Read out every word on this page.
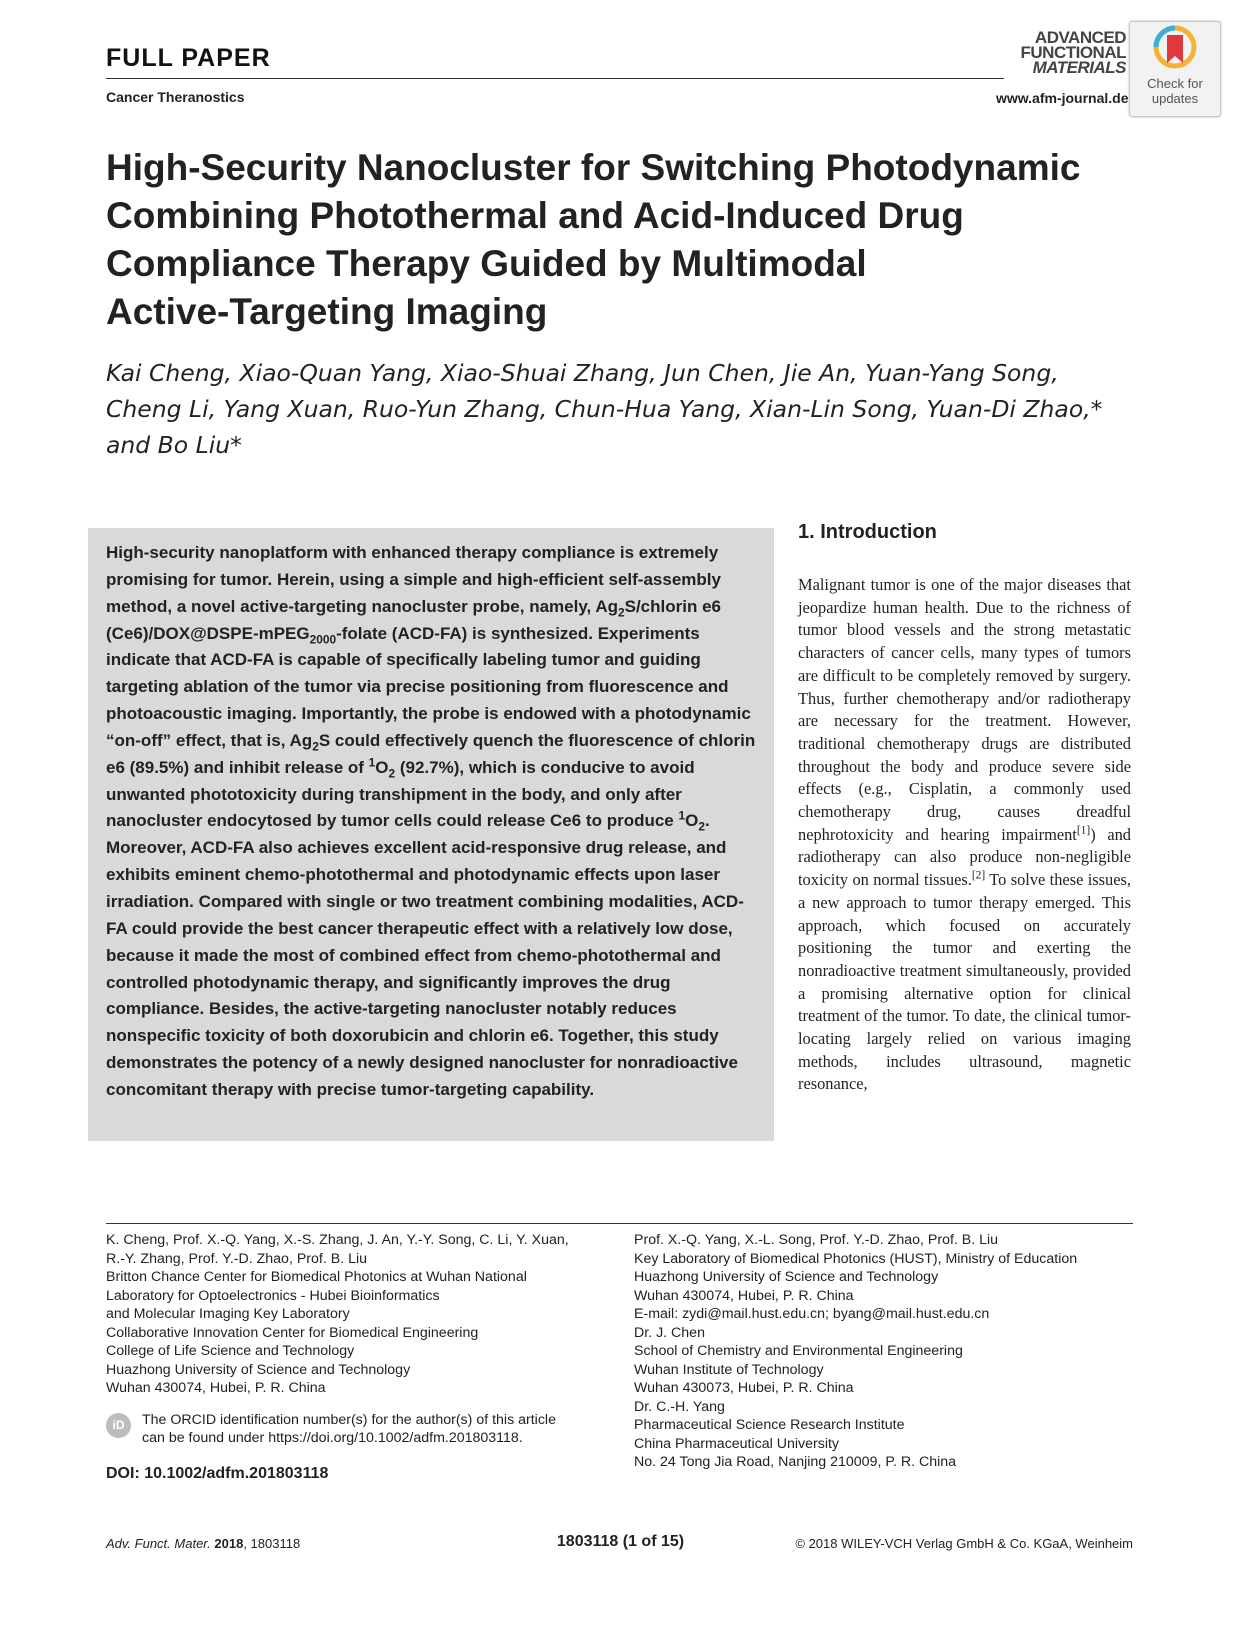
FULL PAPER
Cancer Theranostics
ADVANCED
FUNCTIONAL
MATERIALS
www.afm-journal.de
Check for updates
High-Security Nanocluster for Switching Photodynamic
Combining Photothermal and Acid-Induced Drug
Compliance Therapy Guided by Multimodal
Active-Targeting Imaging
Kai Cheng, Xiao-Quan Yang, Xiao-Shuai Zhang, Jun Chen, Jie An, Yuan-Yang Song,
Cheng Li, Yang Xuan, Ruo-Yun Zhang, Chun-Hua Yang, Xian-Lin Song, Yuan-Di Zhao,*
and Bo Liu*
High-security nanoplatform with enhanced therapy compliance is extremely promising for tumor. Herein, using a simple and high-efficient self-assembly method, a novel active-targeting nanocluster probe, namely, $Ag_2S$/chlorin e6 (Ce6)/DOX@DSPE-mPEG$_{2000}$-folate (ACD-FA) is synthesized. Experiments indicate that ACD-FA is capable of specifically labeling tumor and guiding targeting ablation of the tumor via precise positioning from fluorescence and photoacoustic imaging. Importantly, the probe is endowed with a photodynamic “on-off” effect, that is, $Ag_2S$ could effectively quench the fluorescence of chlorin e6 (89.5%) and inhibit release of $^1O_2$ (92.7%), which is conducive to avoid unwanted phototoxicity during transhipment in the body, and only after nanocluster endocytosed by tumor cells could release Ce6 to produce $^1O_2$. Moreover, ACD-FA also achieves excellent acid-responsive drug release, and exhibits eminent chemo-photothermal and photodynamic effects upon laser irradiation. Compared with single or two treatment combining modalities, ACD-FA could provide the best cancer therapeutic effect with a relatively low dose, because it made the most of combined effect from chemo-photothermal and controlled photodynamic therapy, and significantly improves the drug compliance. Besides, the active-targeting nanocluster notably reduces nonspecific toxicity of both doxorubicin and chlorin e6. Together, this study demonstrates the potency of a newly designed nanocluster for nonradioactive concomitant therapy with precise tumor-targeting capability.
1. Introduction
Malignant tumor is one of the major diseases that jeopardize human health. Due to the richness of tumor blood vessels and the strong metastatic characters of cancer cells, many types of tumors are difficult to be completely removed by surgery. Thus, further chemotherapy and/or radiotherapy are necessary for the treatment. However, traditional chemotherapy drugs are distributed throughout the body and produce severe side effects (e.g., Cisplatin, a commonly used chemotherapy drug, causes dreadful nephrotoxicity and hearing impairment[1]) and radiotherapy can also produce non-negligible toxicity on normal tissues.[2] To solve these issues, a new approach to tumor therapy emerged. This approach, which focused on accurately positioning the tumor and exerting the nonradioactive treatment simultaneously, provided a promising alternative option for clinical treatment of the tumor. To date, the clinical tumor-locating largely relied on various imaging methods, includes ultrasound, magnetic resonance,
K. Cheng, Prof. X.-Q. Yang, X.-S. Zhang, J. An, Y.-Y. Song, C. Li, Y. Xuan,
R.-Y. Zhang, Prof. Y.-D. Zhao, Prof. B. Liu
Britton Chance Center for Biomedical Photonics at Wuhan National
Laboratory for Optoelectronics - Hubei Bioinformatics
and Molecular Imaging Key Laboratory
Collaborative Innovation Center for Biomedical Engineering
College of Life Science and Technology
Huazhong University of Science and Technology
Wuhan 430074, Hubei, P. R. China
Prof. X.-Q. Yang, X.-L. Song, Prof. Y.-D. Zhao, Prof. B. Liu
Key Laboratory of Biomedical Photonics (HUST), Ministry of Education
Huazhong University of Science and Technology
Wuhan 430074, Hubei, P. R. China
E-mail: zydi@mail.hust.edu.cn; byang@mail.hust.edu.cn
Dr. J. Chen
School of Chemistry and Environmental Engineering
Wuhan Institute of Technology
Wuhan 430073, Hubei, P. R. China
Dr. C.-H. Yang
Pharmaceutical Science Research Institute
China Pharmaceutical University
No. 24 Tong Jia Road, Nanjing 210009, P. R. China
iD	The ORCID identification number(s) for the author(s) of this article
can be found under https://doi.org/10.1002/adfm.201803118.
DOI: 10.1002/adfm.201803118
Adv. Funct. Mater. 2018, 1803118	1803118 (1 of 15)	© 2018 WILEY-VCH Verlag GmbH & Co. KGaA, Weinheim
